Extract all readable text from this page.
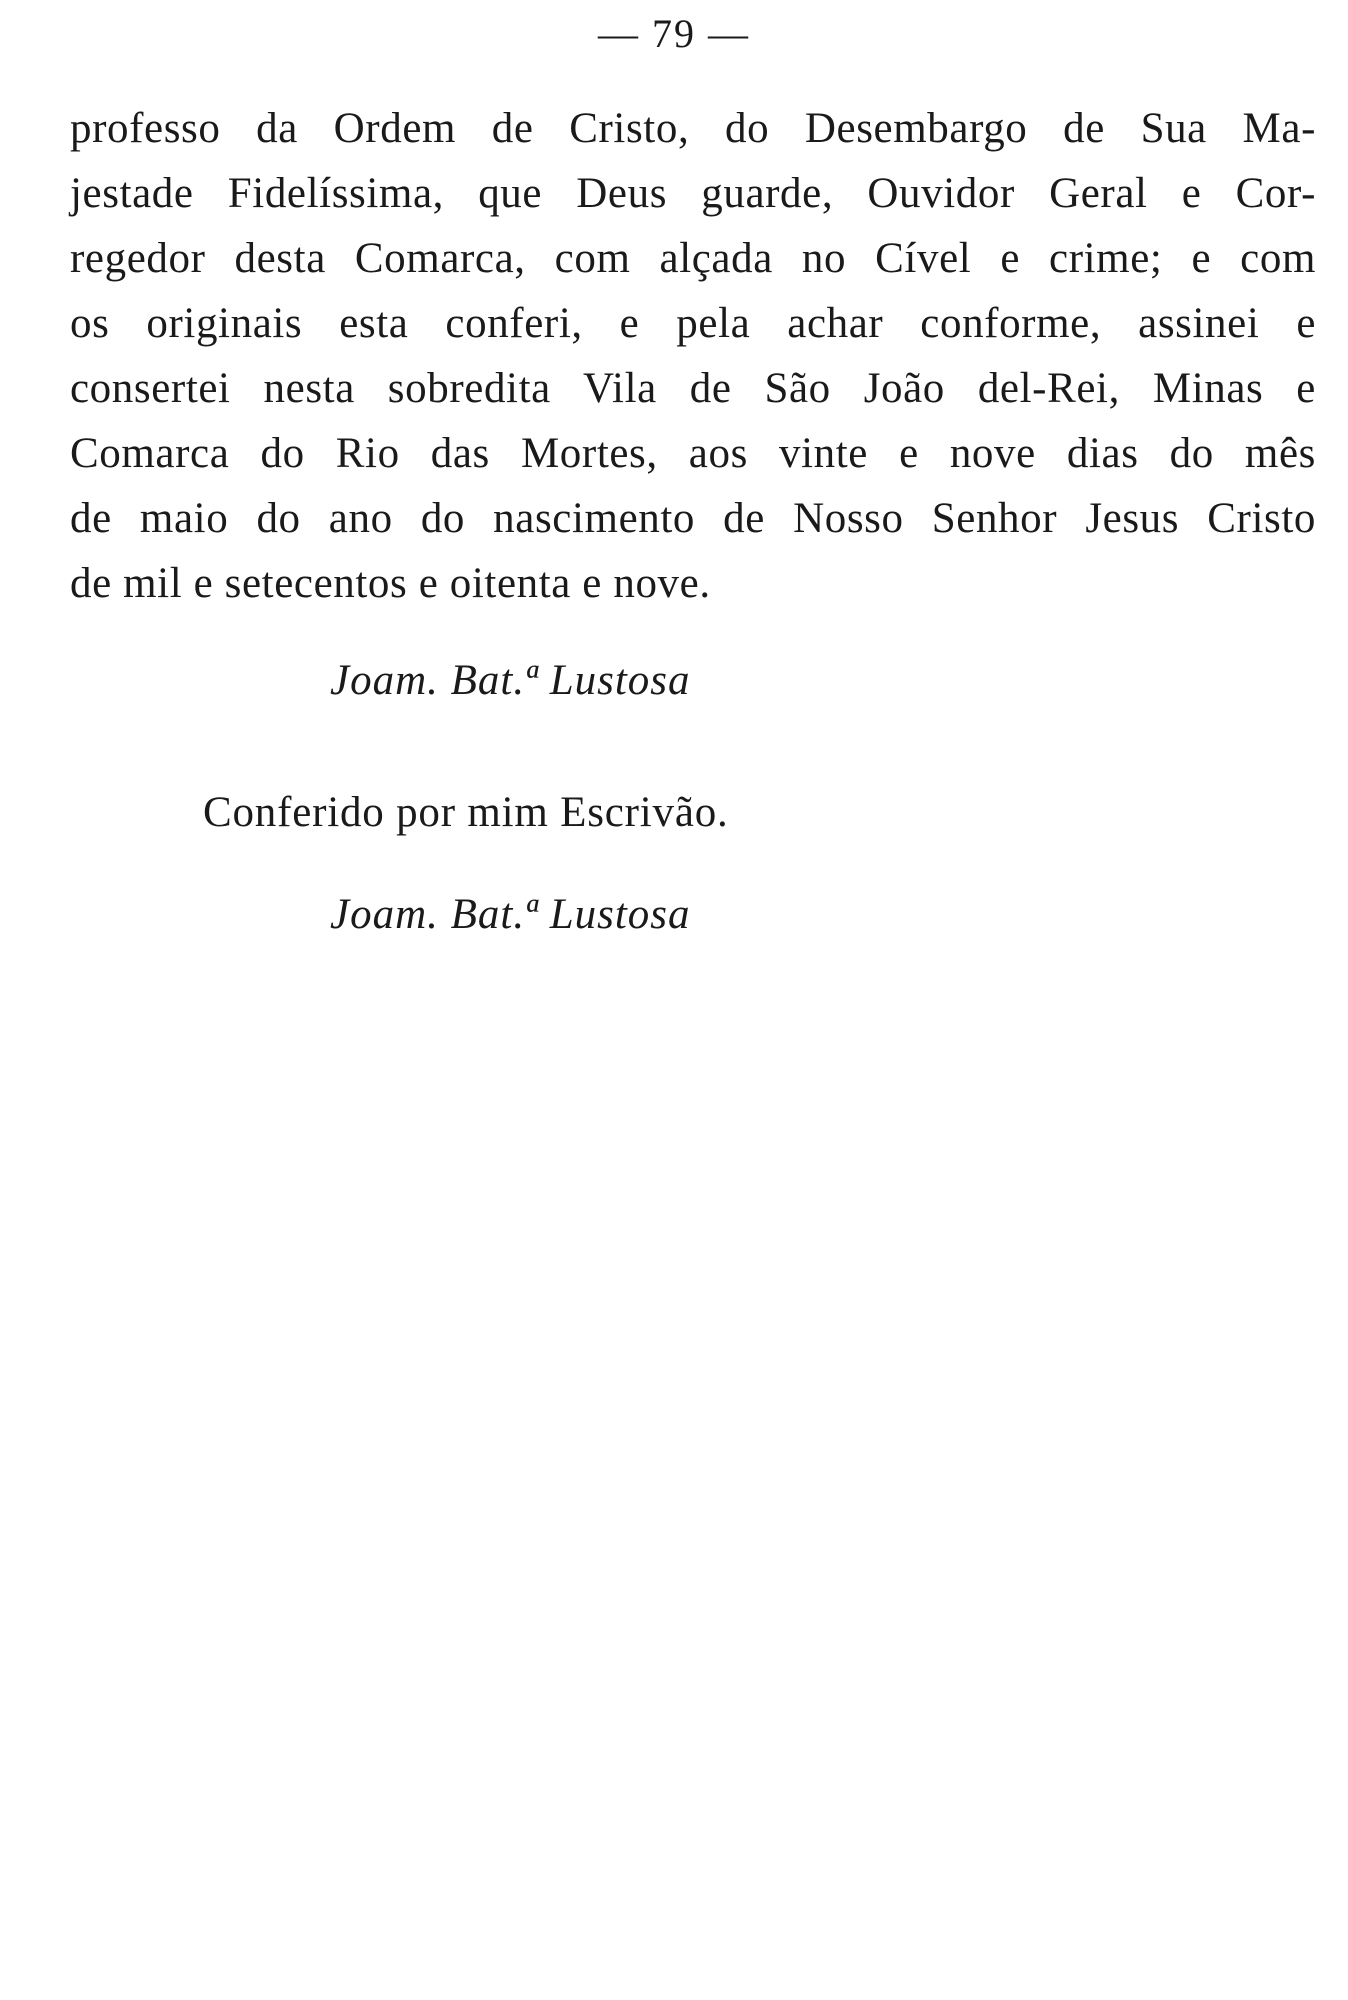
— 79 —

professo da Ordem de Cristo, do Desembargo de Sua Ma-
jestade Fidelíssima, que Deus guarde, Ouvidor Geral e Cor-
regedor desta Comarca, com alçada no Cível e crime; e com
os originais esta conferi, e pela achar conforme, assinei e
consertei nesta sobredita Vila de São João del-Rei, Minas e
Comarca do Rio das Mortes, aos vinte e nove dias do mês
de maio do ano do nascimento de Nosso Senhor Jesus Cristo
de mil e setecentos e oitenta e nove.

Joam. Bat.ª Lustosa
Conferido por mim Escrivão.
Joam. Bat.ª Lustosa
